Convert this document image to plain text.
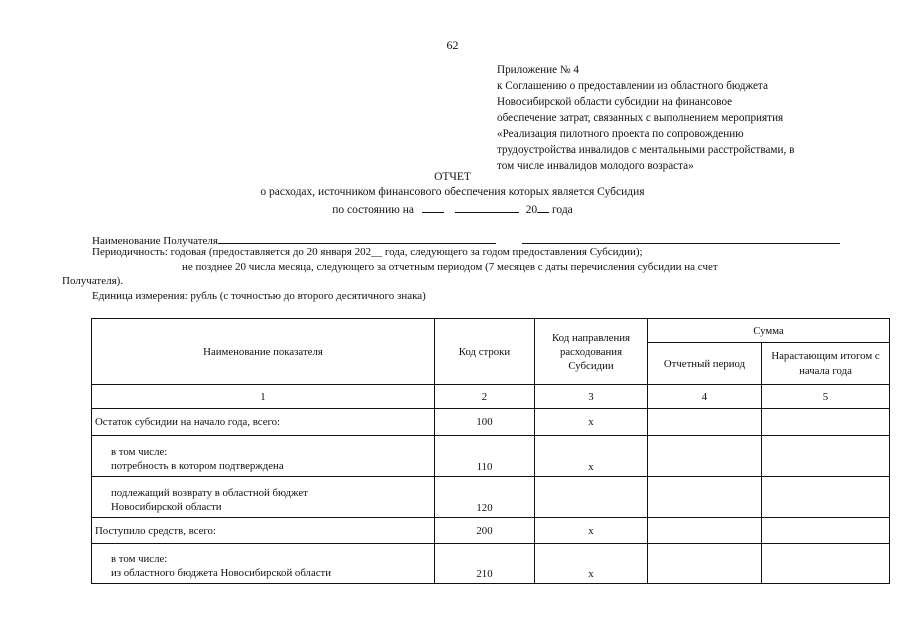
62
Приложение № 4
к Соглашению о предоставлении из областного бюджета
Новосибирской области субсидии на финансовое
обеспечение затрат, связанных с выполнением мероприятия
«Реализация пилотного проекта по сопровождению
трудоустройства инвалидов с ментальными расстройствами, в
том числе инвалидов молодого возраста»
ОТЧЕТ
о расходах, источником финансового обеспечения которых является Субсидия
по состоянию на	20 года
Наименование Получателя
Периодичность: годовая (предоставляется до 20 января 202__ года, следующего за годом предоставления Субсидии);
не позднее 20 числа месяца, следующего за отчетным периодом (7 месяцев с даты перечисления субсидии на счет
Получателя).
Единица измерения: рубль (с точностью до второго десятичного знака)
Наименование показателя	Код строки	Код направления расходования Субсидии	Сумма	
			Отчетный период	Нарастающим итогом с начала года
1	2	3	4	5
Остаток субсидии на начало года, всего:	100	x		

в том числе:
потребность в котором подтверждена	110	x		

подлежащий возврату в областной бюджет
Новосибирской области	120			
Поступило средств, всего:	200	x		

в том числе:
из областного бюджета Новосибирской области	210	x		
